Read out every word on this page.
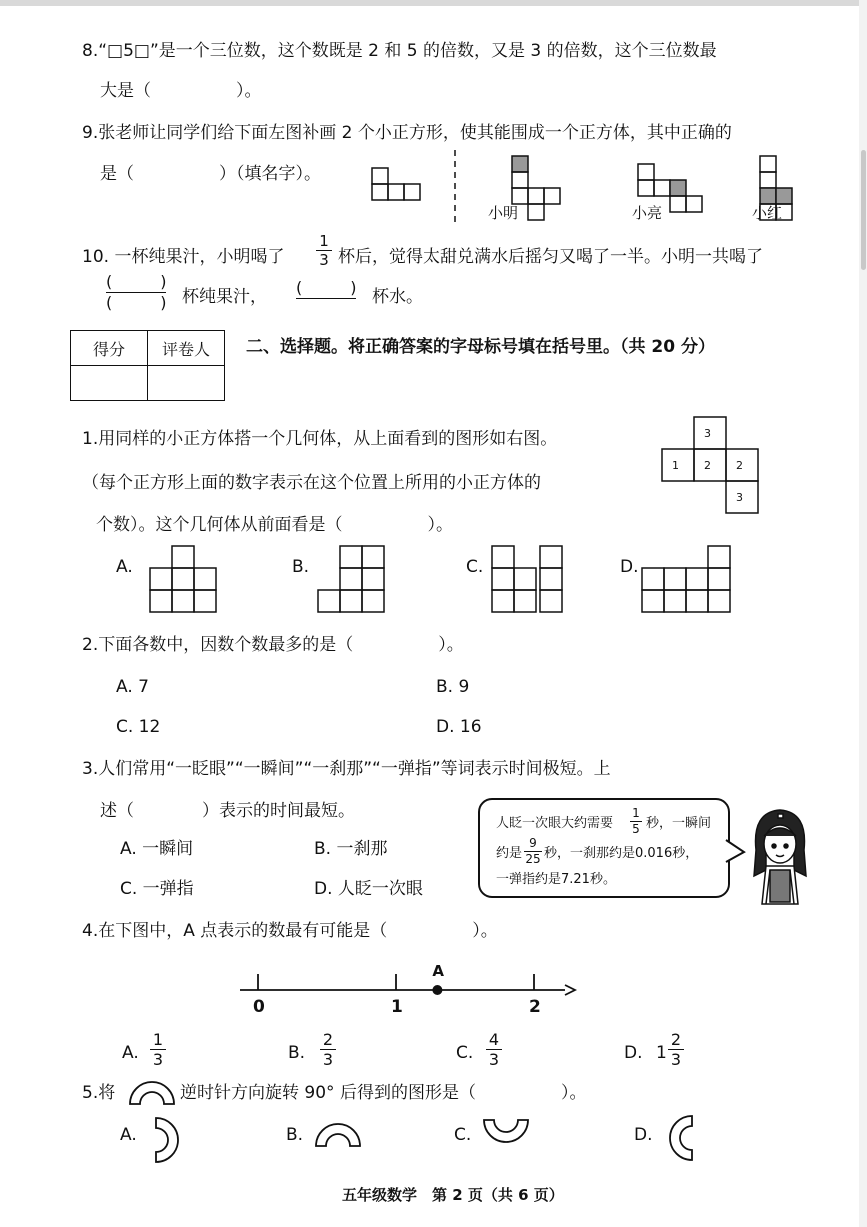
8.“□5□”是一个三位数，这个数既是 2 和 5 的倍数，又是 3 的倍数，这个三位数最
大是（　　　　　）。
9.张老师让同学们给下面左图补画 2 个小正方形，使其能围成一个正方体，其中正确的
是（　　　　　）（填名字）。
小明	小亮	小红
10. 一杯纯果汁，小明喝了 $\frac{1}{3}$ 杯后，觉得太甜兑满水后摇匀又喝了一半。小明一共喝了
(　　　)
(　　　) 杯纯果汁， (　　　) 杯水。
得分	评卷人
	二、选择题。将正确答案的字母标号填在括号里。（共 20 分）
1.用同样的小正方体搭一个几何体，从上面看到的图形如右图。
（每个正方形上面的数字表示在这个位置上所用的小正方体的
个数）。这个几何体从前面看是（　　　　　）。
3
1 2 2
3
A.	B.	C.	D.
2.下面各数中，因数个数最多的是（　　　　　）。
A. 7	B. 9
C. 12	D. 16
3.人们常用“一眨眼”“一瞬间”“一刹那”“一弹指”等词表示时间极短。上
述（　　　　）表示的时间最短。
A. 一瞬间	B. 一刹那
C. 一弹指	D. 人眨一次眼
人眨一次眼大约需要 $\frac{1}{5}$ 秒，一瞬间
约是 $\frac{9}{25}$ 秒，一刹那约是0.016秒，
一弹指约是7.21秒。
4.在下图中，A 点表示的数最有可能是（　　　　　）。
A
0	1	2
A. $\frac{1}{3}$	B. $\frac{2}{3}$	C. $\frac{4}{3}$	D. $1 \frac{2}{3}$
5.将	逆时针方向旋转 90° 后得到的图形是（　　　　　）。
A.	B.	C.	D.
五年级数学　第 2 页（共 6 页）
